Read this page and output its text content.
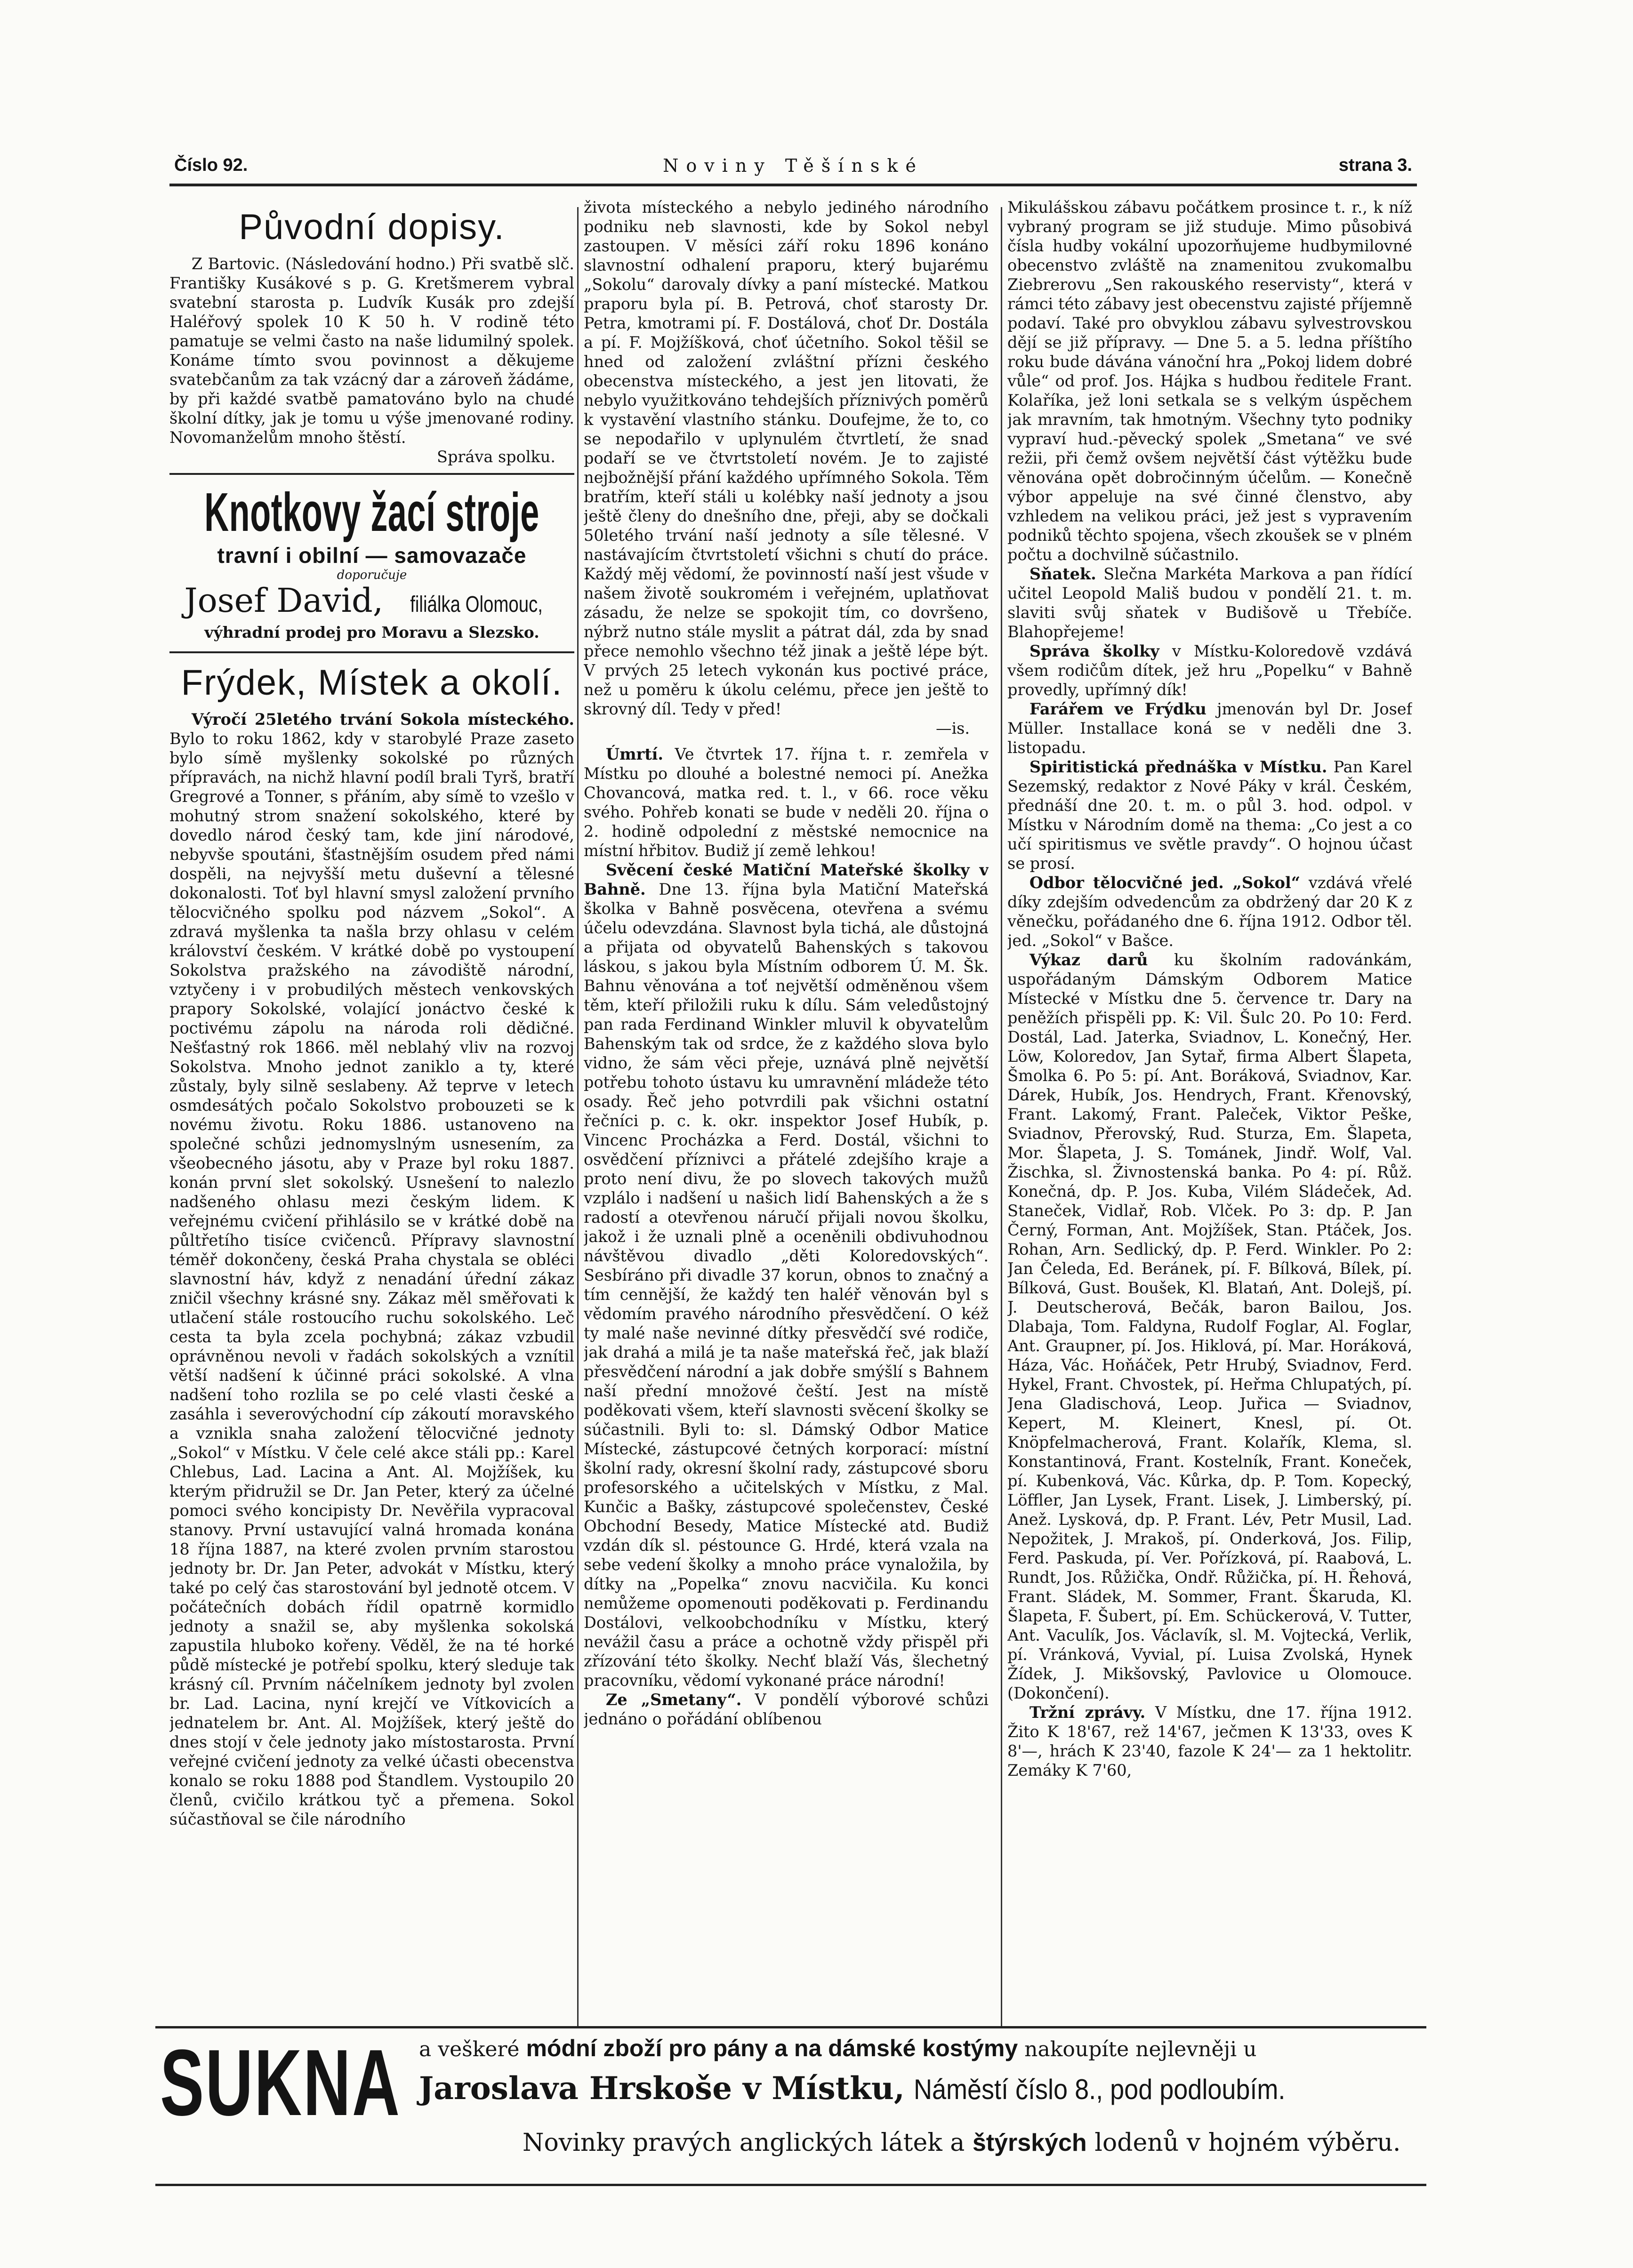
Číslo 92.	Noviny Těšínské	strana 3.
Původní dopisy.

Z Bartovic. (Následování hodno.) Při svatbě slč. Františky Kusákové s p. G. Kretšmerem vybral svatební starosta p. Ludvík Kusák pro zdejší Haléřový spolek 10 K 50 h. V rodině této pamatuje se velmi často na naše lidumilný spolek. Konáme tímto svou povinnost a děkujeme svatebčanům za tak vzácný dar a zároveň žádáme, by při každé svatbě pamatováno bylo na chudé školní dítky, jak je tomu u výše jmenované rodiny. Novomanželům mnoho štěstí.

Správa spolku.
Knotkovy žací stroje
travní i obilní — samovazače
doporučuje
Josef David, filiálka Olomouc,
výhradní prodej pro Moravu a Slezsko.
Frýdek, Místek a okolí.

Výročí 25letého trvání Sokola místeckého. Bylo to roku 1862, kdy v starobylé Praze zaseto bylo símě myšlenky sokolské po různých přípravách, na nichž hlavní podíl brali Tyrš, bratří Gregrové a Tonner, s přáním, aby símě to vzešlo v mohutný strom snažení sokolského, které by dovedlo národ český tam, kde jiní národové, nebyvše spoutáni, šťastnějším osudem před námi dospěli, na nejvyšší metu duševní a tělesné dokonalosti. Toť byl hlavní smysl založení prvního tělocvičného spolku pod názvem „Sokol“. A zdravá myšlenka ta našla brzy ohlasu v celém království českém. V krátké době po vystoupení Sokolstva pražského na závodiště národní, vztyčeny i v probudilých městech venkovských prapory Sokolské, volající jonáctvo české k poctivému zápolu na národa roli dědičné. Nešťastný rok 1866. měl neblahý vliv na rozvoj Sokolstva. Mnoho jednot zaniklo a ty, které zůstaly, byly silně seslabeny. Až teprve v letech osmdesátých počalo Sokolstvo probouzeti se k novému životu. Roku 1886. ustanoveno na společné schůzi jednomyslným usnesením, za všeobecného jásotu, aby v Praze byl roku 1887. konán první slet sokolský. Usnešení to nalezlo nadšeného ohlasu mezi českým lidem. K veřejnému cvičení přihlásilo se v krátké době na půltřetího tisíce cvičenců. Přípravy slavnostní téměř dokončeny, česká Praha chystala se obléci slavnostní háv, když z nenadání úřední zákaz zničil všechny krásné sny. Zákaz měl směřovati k utlačení stále rostoucího ruchu sokolského. Leč cesta ta byla zcela pochybná; zákaz vzbudil oprávněnou nevoli v řadách sokolských a vznítil větší nadšení k účinné práci sokolské. A vlna nadšení toho rozlila se po celé vlasti české a zasáhla i severovýchodní cíp zákoutí moravského a vznikla snaha založení tělocvičné jednoty „Sokol“ v Místku. V čele celé akce stáli pp.: Karel Chlebus, Lad. Lacina a Ant. Al. Mojžíšek, ku kterým přidružil se Dr. Jan Peter, který za účelné pomoci svého koncipisty Dr. Nevěřila vypracoval stanovy. První ustavující valná hromada konána 18 října 1887, na které zvolen prvním starostou jednoty br. Dr. Jan Peter, advokát v Místku, který také po celý čas starostování byl jednotě otcem. V počátečních dobách řídil opatrně kormidlo jednoty a snažil se, aby myšlenka sokolská zapustila hluboko kořeny. Věděl, že na té horké půdě místecké je potřebí spolku, který sleduje tak krásný cíl. Prvním náčelníkem jednoty byl zvolen br. Lad. Lacina, nyní krejčí ve Vítkovicích a jednatelem br. Ant. Al. Mojžíšek, který ještě do dnes stojí v čele jednoty jako místostarosta. První veřejné cvičení jednoty za velké účasti obecenstva konalo se roku 1888 pod Štandlem. Vystoupilo 20 členů, cvičilo krátkou tyč a přemena. Sokol súčastňoval se čile národního

života místeckého a nebylo jediného národního podniku neb slavnosti, kde by Sokol nebyl zastoupen. V měsíci září roku 1896 konáno slavnostní odhalení praporu, který bujarému „Sokolu“ darovaly dívky a paní místecké. Matkou praporu byla pí. B. Petrová, choť starosty Dr. Petra, kmotrami pí. F. Dostálová, choť Dr. Dostála a pí. F. Mojžíšková, choť účetního. Sokol těšil se hned od založení zvláštní přízni českého obecenstva místeckého, a jest jen litovati, že nebylo využitkováno tehdejších příznivých poměrů k vystavění vlastního stánku. Doufejme, že to, co se nepodařilo v uplynulém čtvrtletí, že snad podaří se ve čtvrtstoletí novém. Je to zajisté nejbožnější přání každého upřímného Sokola. Těm bratřím, kteří stáli u kolébky naší jednoty a jsou ještě členy do dnešního dne, přeji, aby se dočkali 50letého trvání naší jednoty a síle tělesné. V nastávajícím čtvrtstoletí všichni s chutí do práce. Každý měj vědomí, že povinností naší jest všude v našem životě soukromém i veřejném, uplatňovat zásadu, že nelze se spokojit tím, co dovršeno, nýbrž nutno stále myslit a pátrat dál, zda by snad přece nemohlo všechno též jinak a ještě lépe být. V prvých 25 letech vykonán kus poctivé práce, než u poměru k úkolu celému, přece jen ještě to skrovný díl. Tedy v před!

—is.

Úmrtí. Ve čtvrtek 17. října t. r. zemřela v Místku po dlouhé a bolestné nemoci pí. Anežka Chovancová, matka red. t. l., v 66. roce věku svého. Pohřeb konati se bude v neděli 20. října o 2. hodině odpolední z městské nemocnice na místní hřbitov. Budiž jí země lehkou!

Svěcení české Matiční Mateřské školky v Bahně. Dne 13. října byla Matiční Mateřská školka v Bahně posvěcena, otevřena a svému účelu odevzdána. Slavnost byla tichá, ale důstojná a přijata od obyvatelů Bahenských s takovou láskou, s jakou byla Místním odborem Ú. M. Šk. Bahnu věnována a toť největší odměněnou všem těm, kteří přiložili ruku k dílu. Sám veledůstojný pan rada Ferdinand Winkler mluvil k obyvatelům Bahenským tak od srdce, že z každého slova bylo vidno, že sám věci přeje, uznává plně největší potřebu tohoto ústavu ku umravnění mládeže této osady. Řeč jeho potvrdili pak všichni ostatní řečníci p. c. k. okr. inspektor Josef Hubík, p. Vincenc Procházka a Ferd. Dostál, všichni to osvědčení příznivci a přátelé zdejšího kraje a proto není divu, že po slovech takových mužů vzplálo i nadšení u našich lidí Bahenských a že s radostí a otevřenou náručí přijali novou školku, jakož i že uznali plně a oceněnili obdivuhodnou návštěvou divadlo „děti Koloredovských“. Sesbíráno při divadle 37 korun, obnos to značný a tím cennější, že každý ten haléř věnován byl s vědomím pravého národního přesvědčení. O kéž ty malé naše nevinné dítky přesvědčí své rodiče, jak drahá a milá je ta naše mateřská řeč, jak blaží přesvědčení národní a jak dobře smýšlí s Bahnem naší přední množové čeští. Jest na místě poděkovati všem, kteří slavnosti svěcení školky se súčastnili. Byli to: sl. Dámský Odbor Matice Místecké, zástupcové četných korporací: místní školní rady, okresní školní rady, zástupcové sboru profesorského a učitelských v Místku, z Mal. Kunčic a Bašky, zástupcové společenstev, České Obchodní Besedy, Matice Místecké atd. Budiž vzdán dík sl. péstounce G. Hrdé, která vzala na sebe vedení školky a mnoho práce vynaložila, by dítky na „Popelka“ znovu nacvičila. Ku konci nemůžeme opomenouti poděkovati p. Ferdinandu Dostálovi, velkoobchodníku v Místku, který nevážil času a práce a ochotně vždy přispěl při zřízování této školky. Nechť blaží Vás, šlechetný pracovníku, vědomí vykonané práce národní!

Ze „Smetany“. V pondělí výborové schůzi jednáno o pořádání oblíbenou

Mikulášskou zábavu počátkem prosince t. r., k níž vybraný program se již studuje. Mimo působivá čísla hudby vokální upozorňujeme hudbymilovné obecenstvo zvláště na znamenitou zvukomalbu Ziebrerovu „Sen rakouského reservisty“, která v rámci této zábavy jest obecenstvu zajisté příjemně podaví. Také pro obvyklou zábavu sylvestrovskou dějí se již přípravy. — Dne 5. a 5. ledna příštího roku bude dávána vánoční hra „Pokoj lidem dobré vůle“ od prof. Jos. Hájka s hudbou ředitele Frant. Kolaříka, jež loni setkala se s velkým úspěchem jak mravním, tak hmotným. Všechny tyto podniky vypraví hud.-pěvecký spolek „Smetana“ ve své režii, při čemž ovšem největší část výtěžku bude věnována opět dobročinným účelům. — Konečně výbor appeluje na své činné členstvo, aby vzhledem na velikou práci, jež jest s vypravením podniků těchto spojena, všech zkoušek se v plném počtu a dochvilně súčastnilo.

Sňatek. Slečna Markéta Markova a pan řídící učitel Leopold Mališ budou v pondělí 21. t. m. slaviti svůj sňatek v Budišově u Třebíče. Blahopřejeme!

Správa školky v Místku-Koloredově vzdává všem rodičům dítek, jež hru „Popelku“ v Bahně provedly, upřímný dík!

Farářem ve Frýdku jmenován byl Dr. Josef Müller. Installace koná se v neděli dne 3. listopadu.

Spiritistická přednáška v Místku. Pan Karel Sezemský, redaktor z Nové Páky v král. Českém, přednáší dne 20. t. m. o půl 3. hod. odpol. v Místku v Národním domě na thema: „Co jest a co učí spiritismus ve světle pravdy“. O hojnou účast se prosí.

Odbor tělocvičné jed. „Sokol“ vzdává vřelé díky zdejším odvedencům za obdržený dar 20 K z věnečku, pořádaného dne 6. října 1912. Odbor těl. jed. „Sokol“ v Bašce.

Výkaz darů ku školním radovánkám, uspořádaným Dámským Odborem Matice Místecké v Místku dne 5. července tr. Dary na peněžích přispěli pp. K: Vil. Šulc 20. Po 10: Ferd. Dostál, Lad. Jaterka, Sviadnov, L. Konečný, Her. Löw, Koloredov, Jan Sytař, firma Albert Šlapeta, Šmolka 6. Po 5: pí. Ant. Boráková, Sviadnov, Kar. Dárek, Hubík, Jos. Hendrych, Frant. Křenovský, Frant. Lakomý, Frant. Paleček, Viktor Peške, Sviadnov, Přerovský, Rud. Sturza, Em. Šlapeta, Mor. Šlapeta, J. S. Tománek, Jindř. Wolf, Val. Žischka, sl. Živnostenská banka. Po 4: pí. Růž. Konečná, dp. P. Jos. Kuba, Vilém Sládeček, Ad. Staneček, Vidlař, Rob. Vlček. Po 3: dp. P. Jan Černý, Forman, Ant. Mojžíšek, Stan. Ptáček, Jos. Rohan, Arn. Sedlický, dp. P. Ferd. Winkler. Po 2: Jan Čeleda, Ed. Beránek, pí. F. Bílková, Bílek, pí. Bílková, Gust. Boušek, Kl. Blatań, Ant. Dolejš, pí. J. Deutscherová, Bečák, baron Bailou, Jos. Dlabaja, Tom. Faldyna, Rudolf Foglar, Al. Foglar, Ant. Graupner, pí. Jos. Hiklová, pí. Mar. Horáková, Háza, Vác. Hoňáček, Petr Hrubý, Sviadnov, Ferd. Hykel, Frant. Chvostek, pí. Heřma Chlupatých, pí. Jena Gladischová, Leop. Juřica — Sviadnov, Kepert, M. Kleinert, Knesl, pí. Ot. Knöpfelmacherová, Frant. Kolařík, Klema, sl. Konstantinová, Frant. Kostelník, Frant. Koneček, pí. Kubenková, Vác. Kůrka, dp. P. Tom. Kopecký, Löffler, Jan Lysek, Frant. Lisek, J. Limberský, pí. Anež. Lysková, dp. P. Frant. Lév, Petr Musil, Lad. Nepožitek, J. Mrakoš, pí. Onderková, Jos. Filip, Ferd. Paskuda, pí. Ver. Pořízková, pí. Raabová, L. Rundt, Jos. Růžička, Ondř. Růžička, pí. H. Řehová, Frant. Sládek, M. Sommer, Frant. Škaruda, Kl. Šlapeta, F. Šubert, pí. Em. Schückerová, V. Tutter, Ant. Vaculík, Jos. Václavík, sl. M. Vojtecká, Verlik, pí. Vránková, Vyvial, pí. Luisa Zvolská, Hynek Žídek, J. Mikšovský, Pavlovice u Olomouce. (Dokončení).

Tržní zprávy. V Místku, dne 17. října 1912. Žito K 18'67, rež 14'67, ječmen K 13'33, oves K 8'—, hrách K 23'40, fazole K 24'— za 1 hektolitr. Zemáky K 7'60,

SUKNA a veškeré módní zboží pro pány a na dámské kostýmy nakoupíte nejlevněji u
Jaroslava Hrskoše v Místku, Náměstí číslo 8., pod podloubím.
Novinky pravých anglických látek a štýrských lodenů v hojném výběru.
